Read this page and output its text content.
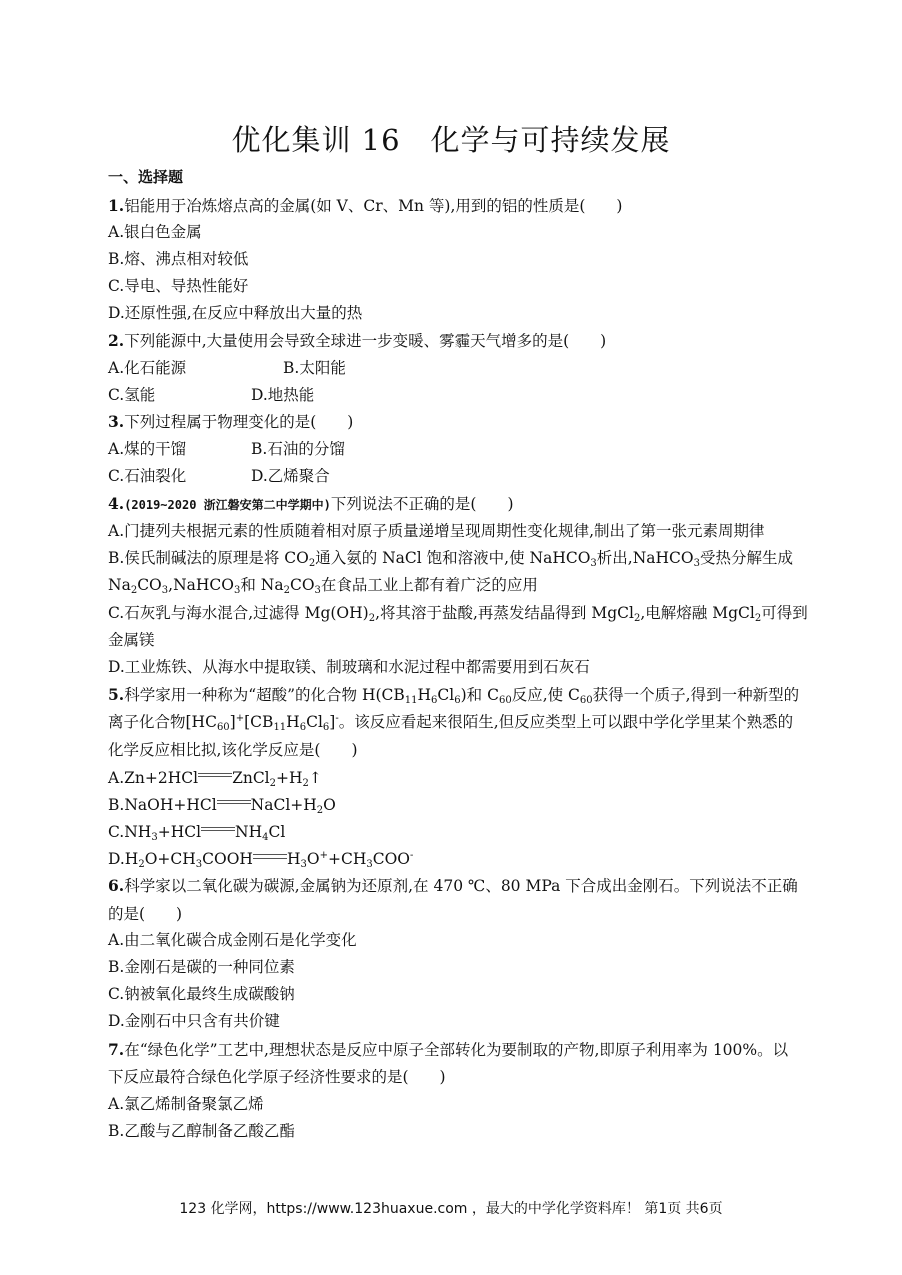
优化集训 16　化学与可持续发展
一、选择题
1.铝能用于冶炼熔点高的金属(如 V、Cr、Mn 等),用到的铝的性质是(　　)
A.银白色金属
B.熔、沸点相对较低
C.导电、导热性能好
D.还原性强,在反应中释放出大量的热
2.下列能源中,大量使用会导致全球进一步变暖、雾霾天气增多的是(　　)
A.化石能源	B.太阳能
C.氢能	D.地热能
3.下列过程属于物理变化的是(　　)
A.煤的干馏	B.石油的分馏
C.石油裂化	D.乙烯聚合
4.(2019~2020 浙江磐安第二中学期中)下列说法不正确的是(　　)
A.门捷列夫根据元素的性质随着相对原子质量递增呈现周期性变化规律,制出了第一张元素周期律
B.侯氏制碱法的原理是将 $CO_2$通入氨的 NaCl 饱和溶液中,使 NaHCO$_3$析出,NaHCO$_3$受热分解生成
$Na_2CO_3,NaHCO_3$和 $Na_2CO_3$在食品工业上都有着广泛的应用
C.石灰乳与海水混合,过滤得 $Mg(OH)_2$,将其溶于盐酸,再蒸发结晶得到 MgCl$_2$,电解熔融 MgCl$_2$可得到
金属镁
D.工业炼铁、从海水中提取镁、制玻璃和水泥过程中都需要用到石灰石
5.科学家用一种称为“超酸”的化合物 $H(CB_{11}H_6Cl_6)$和 $C_{60}$反应,使 $C_{60}$获得一个质子,得到一种新型的
离子化合物$[HC_{60}]^+[CB_{11}H_6Cl_6]^-$。该反应看起来很陌生,但反应类型上可以跟中学化学里某个熟悉的
化学反应相比拟,该化学反应是(　　)
A.Zn+2HCl $ZnCl_2+H_2↑$
B.NaOH+HCl $NaCl+H_2O$
$C.NH_3+HCl$ $NH_4Cl$
$D.H_2O+CH_3COOH$ $H_3O^++CH_3COO^-$
6.科学家以二氧化碳为碳源,金属钠为还原剂,在 470 ℃、80 MPa 下合成出金刚石。下列说法不正确
的是(　　)
A.由二氧化碳合成金刚石是化学变化
B.金刚石是碳的一种同位素
C.钠被氧化最终生成碳酸钠
D.金刚石中只含有共价键
7.在“绿色化学”工艺中,理想状态是反应中原子全部转化为要制取的产物,即原子利用率为 100%。以
下反应最符合绿色化学原子经济性要求的是(　　)
A.氯乙烯制备聚氯乙烯
B.乙酸与乙醇制备乙酸乙酯
123 化学网，https://www.123huaxue.com ，最大的中学化学资料库！ 第1页 共6页
